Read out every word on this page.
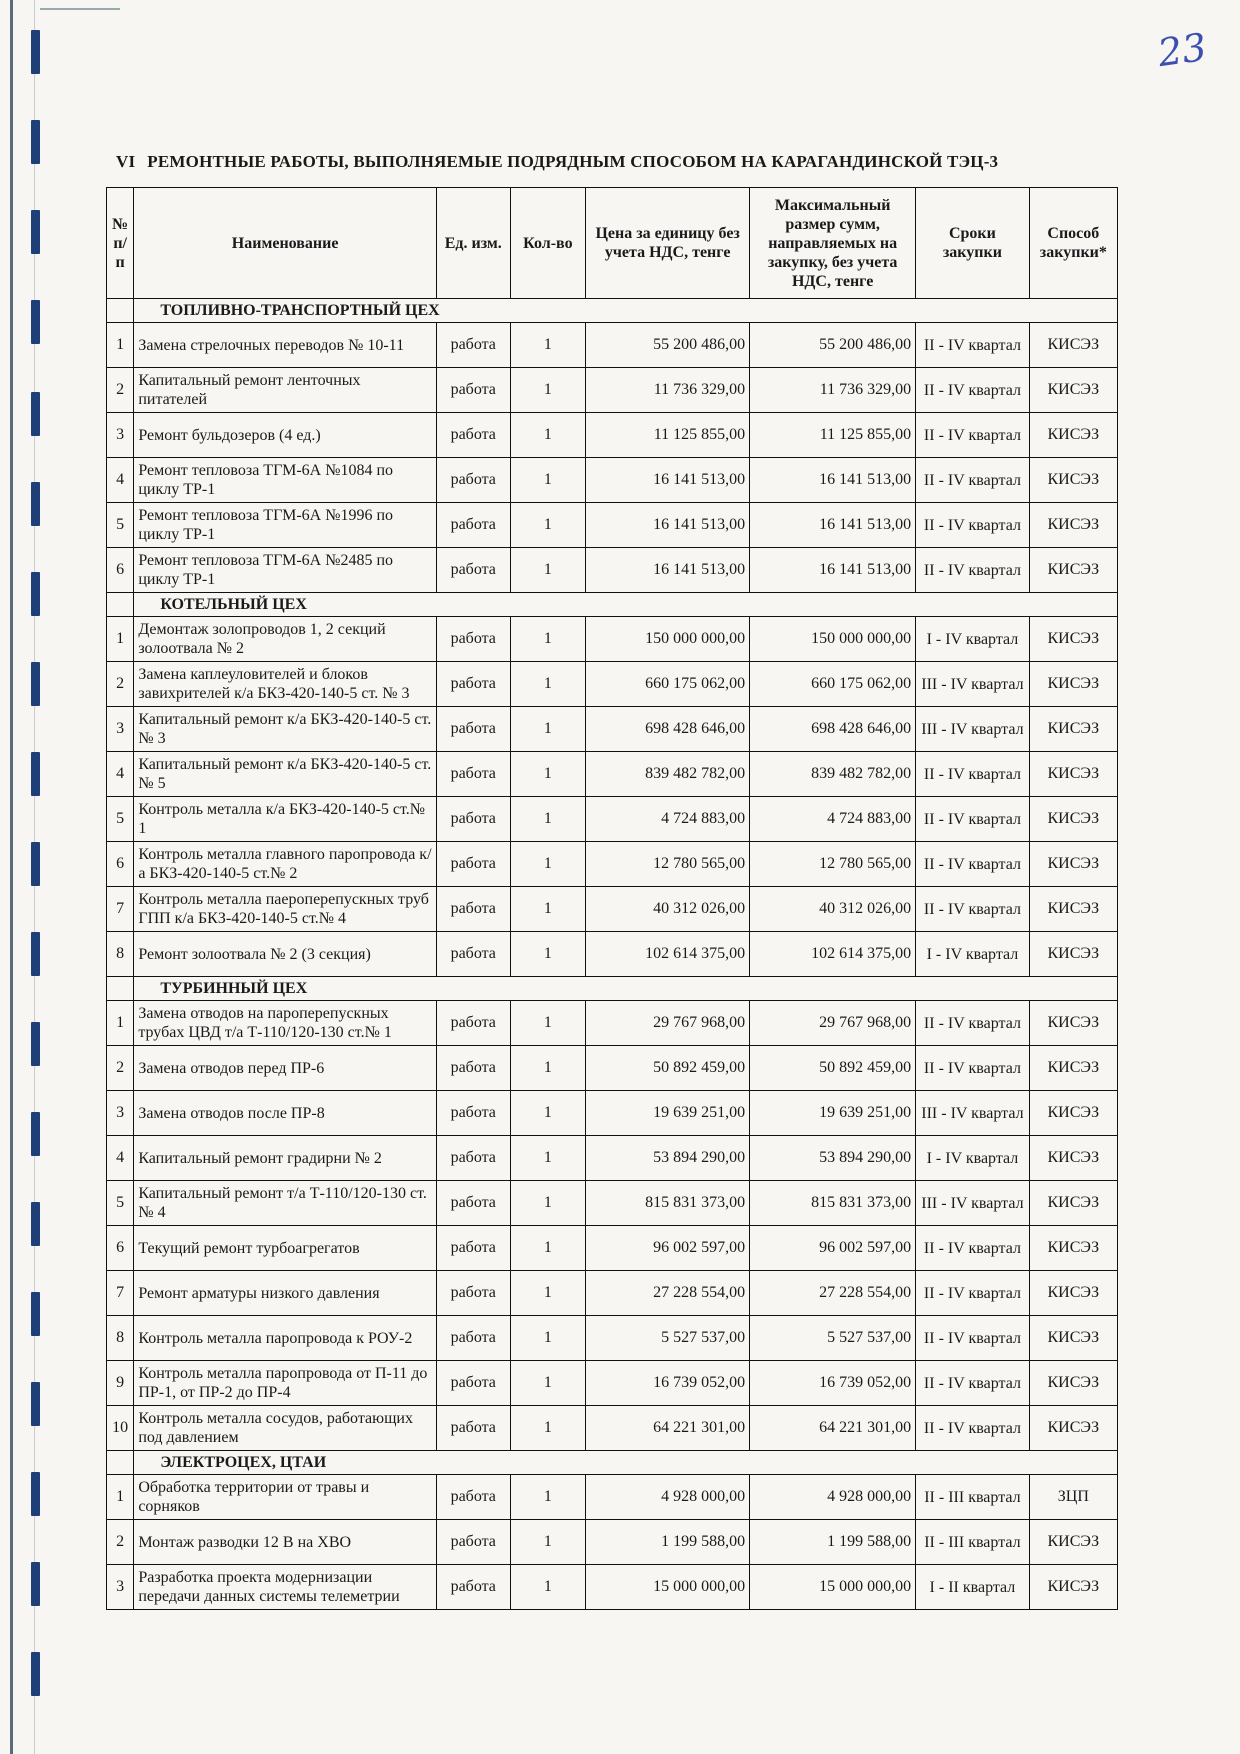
23
VI РЕМОНТНЫЕ РАБОТЫ, ВЫПОЛНЯЕМЫЕ ПОДРЯДНЫМ СПОСОБОМ НА КАРАГАНДИНСКОЙ ТЭЦ-3
№ п/п	Наименование	Ед. изм.	Кол-во	Цена за единицу без учета НДС, тенге	Максимальный размер сумм, направляемых на закупку, без учета НДС, тенге	Сроки закупки	Способ закупки*
	ТОПЛИВНО-ТРАНСПОРТНЫЙ ЦЕХ						
1	Замена стрелочных переводов № 10-11	работа	1	55 200 486,00	55 200 486,00	II - IV квартал	КИСЭЗ
2	Капитальный ремонт ленточных питателей	работа	1	11 736 329,00	11 736 329,00	II - IV квартал	КИСЭЗ
3	Ремонт бульдозеров (4 ед.)	работа	1	11 125 855,00	11 125 855,00	II - IV квартал	КИСЭЗ
4	Ремонт тепловоза ТГМ-6А №1084 по циклу ТР-1	работа	1	16 141 513,00	16 141 513,00	II - IV квартал	КИСЭЗ
5	Ремонт тепловоза ТГМ-6А №1996 по циклу ТР-1	работа	1	16 141 513,00	16 141 513,00	II - IV квартал	КИСЭЗ
6	Ремонт тепловоза ТГМ-6А №2485 по циклу ТР-1	работа	1	16 141 513,00	16 141 513,00	II - IV квартал	КИСЭЗ
	КОТЕЛЬНЫЙ ЦЕХ						
1	Демонтаж золопроводов 1, 2 секций золоотвала № 2	работа	1	150 000 000,00	150 000 000,00	I - IV квартал	КИСЭЗ
2	Замена каплеуловителей и блоков завихрителей к/а БКЗ-420-140-5 ст. № 3	работа	1	660 175 062,00	660 175 062,00	III - IV квартал	КИСЭЗ
3	Капитальный ремонт к/а БКЗ-420-140-5 ст.№ 3	работа	1	698 428 646,00	698 428 646,00	III - IV квартал	КИСЭЗ
4	Капитальный ремонт к/а БКЗ-420-140-5 ст.№ 5	работа	1	839 482 782,00	839 482 782,00	II - IV квартал	КИСЭЗ
5	Контроль металла к/а БКЗ-420-140-5 ст.№ 1	работа	1	4 724 883,00	4 724 883,00	II - IV квартал	КИСЭЗ
6	Контроль металла главного паропровода к/а БКЗ-420-140-5 ст.№ 2	работа	1	12 780 565,00	12 780 565,00	II - IV квартал	КИСЭЗ
7	Контроль металла паероперепускных труб ГПП к/а БКЗ-420-140-5 ст.№ 4	работа	1	40 312 026,00	40 312 026,00	II - IV квартал	КИСЭЗ
8	Ремонт золоотвала № 2 (3 секция)	работа	1	102 614 375,00	102 614 375,00	I - IV квартал	КИСЭЗ
	ТУРБИННЫЙ ЦЕХ						
1	Замена отводов на пароперепускных трубах ЦВД т/а Т-110/120-130 ст.№ 1	работа	1	29 767 968,00	29 767 968,00	II - IV квартал	КИСЭЗ
2	Замена отводов перед ПР-6	работа	1	50 892 459,00	50 892 459,00	II - IV квартал	КИСЭЗ
3	Замена отводов после ПР-8	работа	1	19 639 251,00	19 639 251,00	III - IV квартал	КИСЭЗ
4	Капитальный ремонт градирни № 2	работа	1	53 894 290,00	53 894 290,00	I - IV квартал	КИСЭЗ
5	Капитальный ремонт т/а Т-110/120-130 ст.№ 4	работа	1	815 831 373,00	815 831 373,00	III - IV квартал	КИСЭЗ
6	Текущий ремонт турбоагрегатов	работа	1	96 002 597,00	96 002 597,00	II - IV квартал	КИСЭЗ
7	Ремонт арматуры низкого давления	работа	1	27 228 554,00	27 228 554,00	II - IV квартал	КИСЭЗ
8	Контроль металла паропровода к РОУ-2	работа	1	5 527 537,00	5 527 537,00	II - IV квартал	КИСЭЗ
9	Контроль металла паропровода от П-11 до ПР-1, от ПР-2 до ПР-4	работа	1	16 739 052,00	16 739 052,00	II - IV квартал	КИСЭЗ
10	Контроль металла сосудов, работающих под давлением	работа	1	64 221 301,00	64 221 301,00	II - IV квартал	КИСЭЗ
	ЭЛЕКТРОЦЕХ, ЦТАИ						
1	Обработка территории от травы и сорняков	работа	1	4 928 000,00	4 928 000,00	II - III квартал	ЗЦП
2	Монтаж разводки 12 В на ХВО	работа	1	1 199 588,00	1 199 588,00	II - III квартал	КИСЭЗ
3	Разработка проекта модернизации передачи данных системы телеметрии	работа	1	15 000 000,00	15 000 000,00	I - II квартал	КИСЭЗ
